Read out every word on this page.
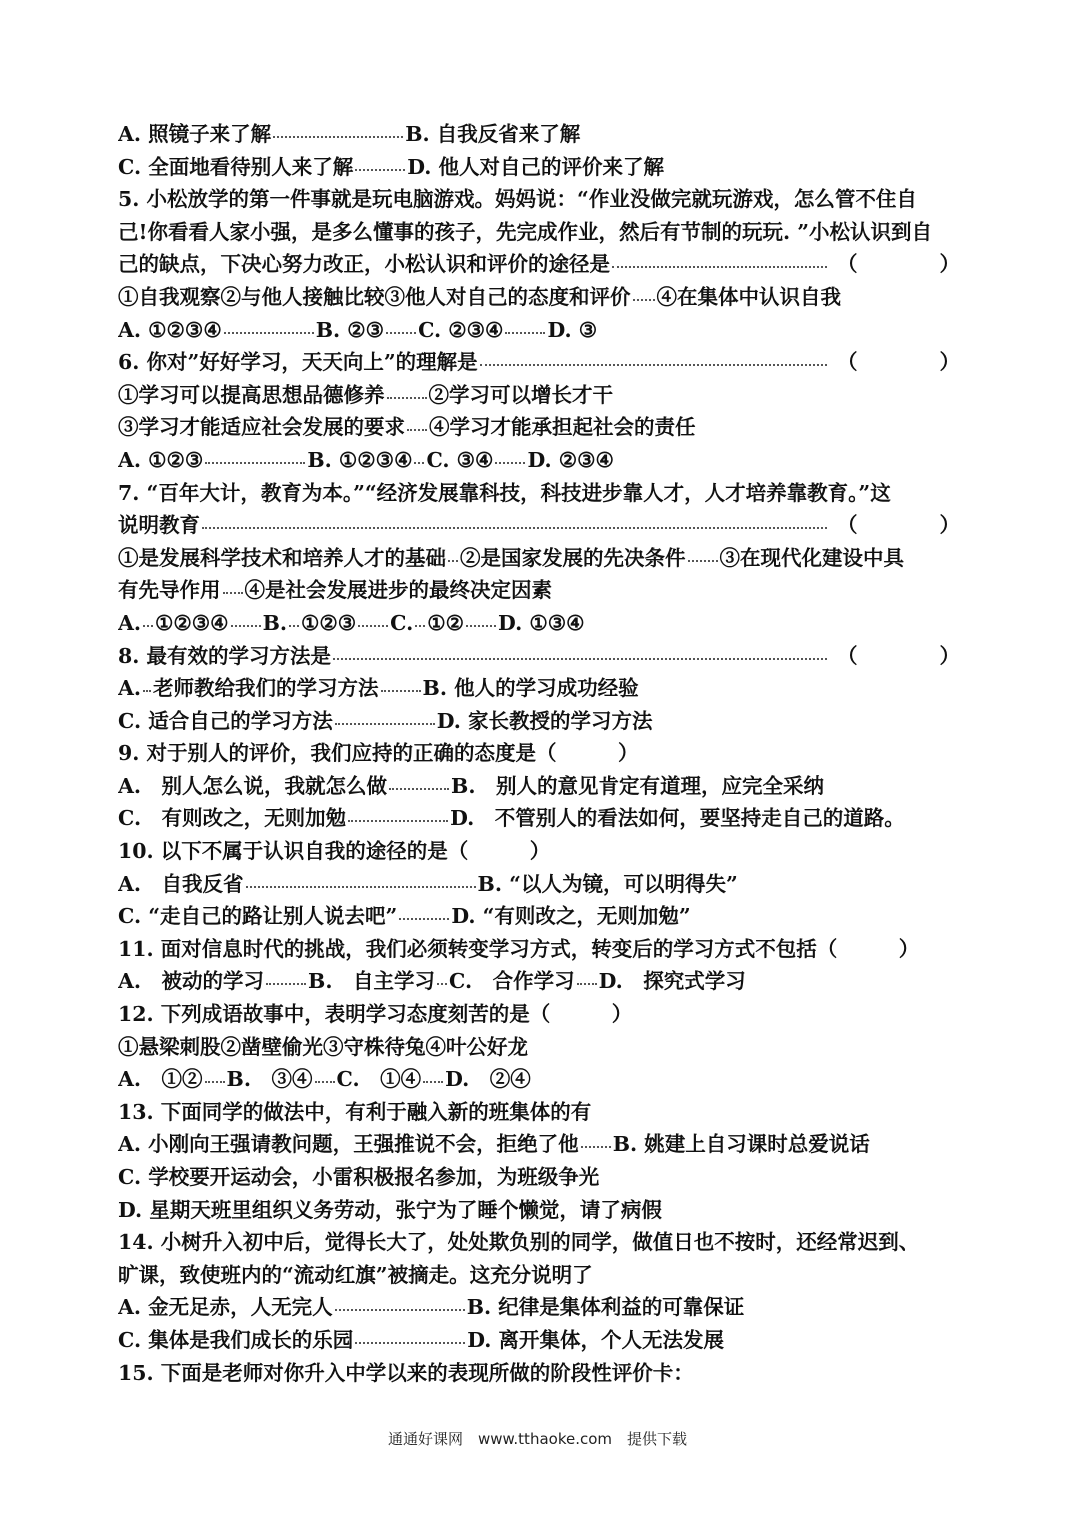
A. 照镜子来了解	B. 自我反省来了解
C. 全面地看待别人来了解	D. 他人对自己的评价来了解
5. 小松放学的第一件事就是玩电脑游戏。妈妈说：“作业没做完就玩游戏，怎么管不住自
己!你看看人家小强，是多么懂事的孩子，先完成作业，然后有节制的玩玩. ”小松认识到自
己的缺点，下决心努力改正，小松认识和评价的途径是	（　　　　）
①自我观察②与他人接触比较③他人对自己的态度和评价 ④在集体中认识自我
A. ①②③④	B. ②③ C. ②③④ D. ③
6. 你对”好好学习，天天向上”的理解是	（　　　　）
①学习可以提高思想品德修养 ②学习可以增长才干
③学习才能适应社会发展的要求 ④学习才能承担起社会的责任
A. ①②③	B. ①②③④ C. ③④ D. ②③④
7. “百年大计，教育为本。”“经济发展靠科技，科技进步靠人才，人才培养靠教育。”这
说明教育	（　　　　）
①是发展科学技术和培养人才的基础 ②是国家发展的先决条件 ③在现代化建设中具
有先导作用 ④是社会发展进步的最终决定因素
A. ①②③④ B. ①②③ C. ①② D. ①③④
8. 最有效的学习方法是	（　　　　）
A. 老师教给我们的学习方法 B. 他人的学习成功经验
C. 适合自己的学习方法	D. 家长教授的学习方法
9. 对于别人的评价，我们应持的正确的态度是（　　　）
A.　别人怎么说，我就怎么做	B.　别人的意见肯定有道理，应完全采纳
C.　有则改之，无则加勉	D.　不管别人的看法如何，要坚持走自己的道路。
10. 以下不属于认识自我的途径的是（　　　）
A.　自我反省	B. “以人为镜，可以明得失”
C. “走自己的路让别人说去吧”	D. “有则改之，无则加勉”
11. 面对信息时代的挑战，我们必须转变学习方式，转变后的学习方式不包括（　　　）
A.　被动的学习 B.　自主学习 C.　合作学习 D.　探究式学习
12. 下列成语故事中，表明学习态度刻苦的是（　　　）
①悬梁刺股②凿壁偷光③守株待兔④叶公好龙
A.　①② B.　③④ C.　①④ D.　②④
13. 下面同学的做法中，有利于融入新的班集体的有
A. 小刚向王强请教问题，王强推说不会，拒绝了他 B. 姚建上自习课时总爱说话
C. 学校要开运动会，小雷积极报名参加，为班级争光
D. 星期天班里组织义务劳动，张宁为了睡个懒觉，请了病假
14. 小树升入初中后，觉得长大了，处处欺负别的同学，做值日也不按时，还经常迟到、
旷课，致使班内的“流动红旗”被摘走。这充分说明了
A. 金无足赤，人无完人	B. 纪律是集体利益的可靠保证
C. 集体是我们成长的乐园	D. 离开集体，个人无法发展
15. 下面是老师对你升入中学以来的表现所做的阶段性评价卡：
通通好课网　www.tthaoke.com　提供下载
